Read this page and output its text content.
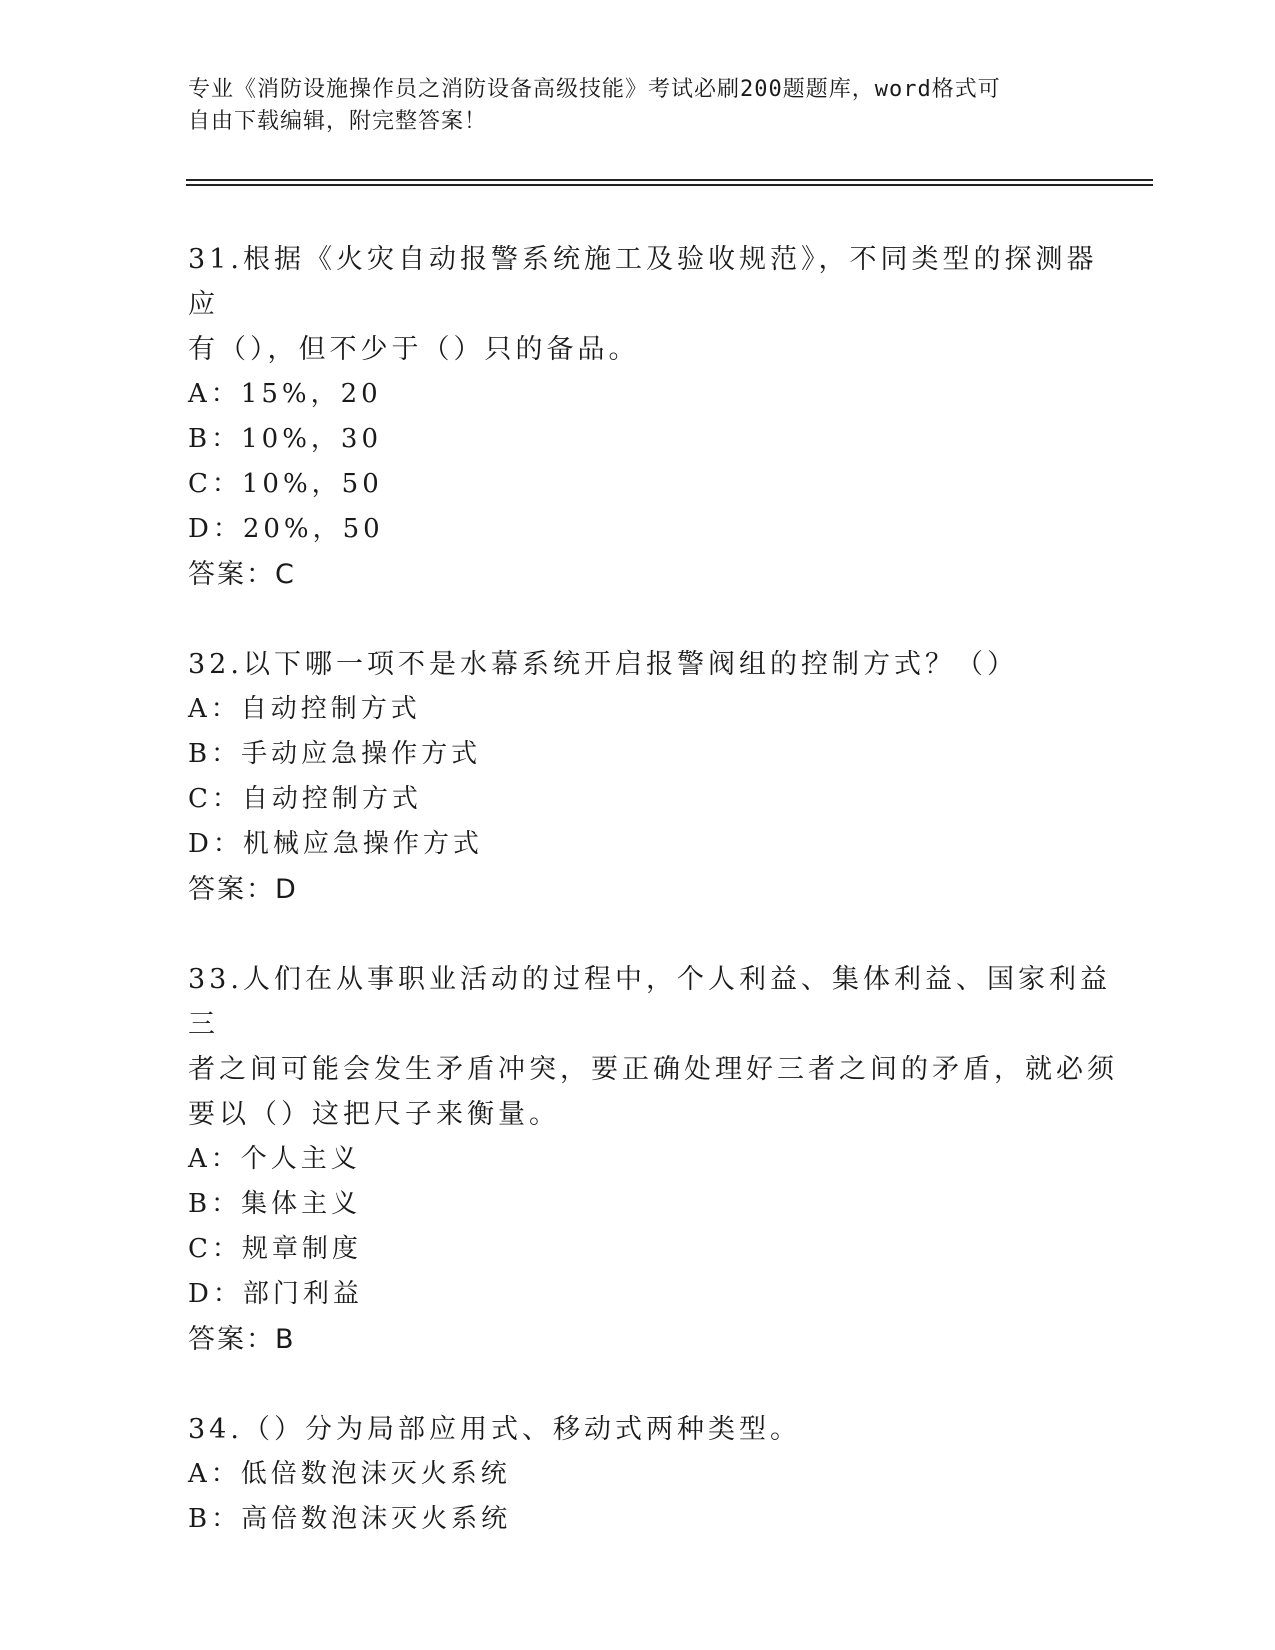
专业《消防设施操作员之消防设备高级技能》考试必刷200题题库，word格式可

自由下载编辑，附完整答案！

31.根据《火灾自动报警系统施工及验收规范》，不同类型的探测器应

有（），但不少于（）只的备品。

A：15%，20

B：10%，30

C：10%，50

D：20%，50

答案：C

32.以下哪一项不是水幕系统开启报警阀组的控制方式？（）

A：自动控制方式

B：手动应急操作方式

C：自动控制方式

D：机械应急操作方式

答案：D

33.人们在从事职业活动的过程中，个人利益、集体利益、国家利益三

者之间可能会发生矛盾冲突，要正确处理好三者之间的矛盾，就必须

要以（）这把尺子来衡量。

A：个人主义

B：集体主义

C：规章制度

D：部门利益

答案：B

34.（）分为局部应用式、移动式两种类型。

A：低倍数泡沫灭火系统

B：高倍数泡沫灭火系统
